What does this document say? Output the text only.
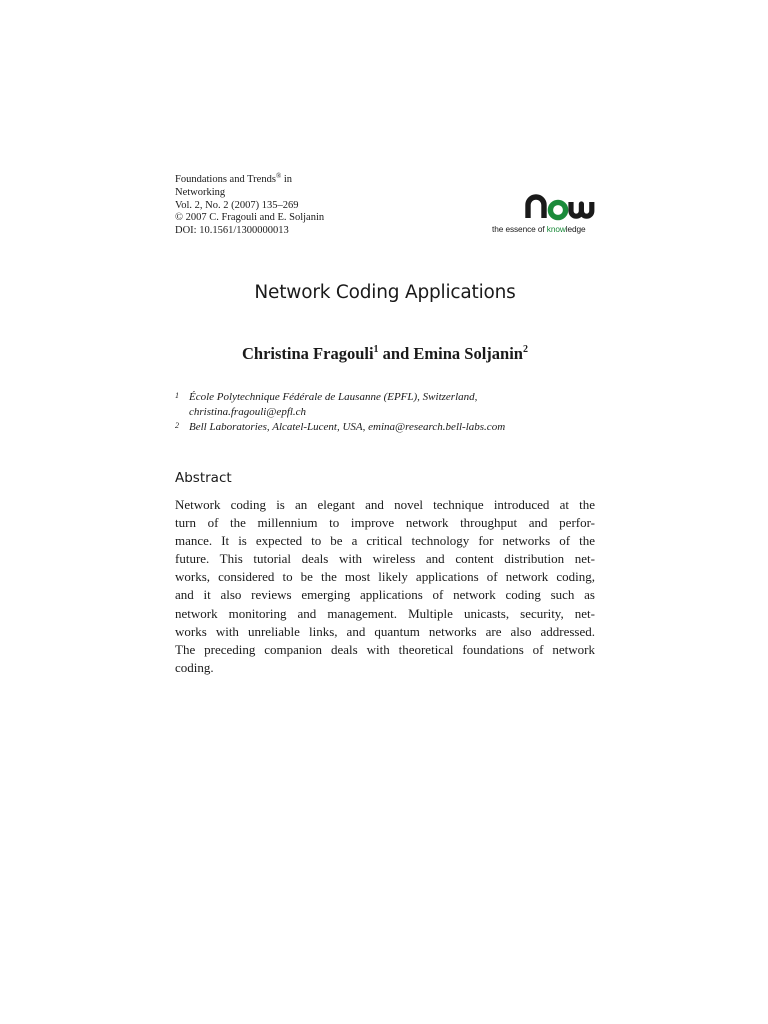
Foundations and Trends® in
Networking
Vol. 2, No. 2 (2007) 135–269
© 2007 C. Fragouli and E. Soljanin
DOI: 10.1561/1300000013	the essence of knowledge
Network Coding Applications
Christina Fragouli$^1$ and Emina Soljanin$^2$
1 École Polytechnique Fédérale de Lausanne (EPFL), Switzerland,
christina.fragouli@epfl.ch
2 Bell Laboratories, Alcatel-Lucent, USA, emina@research.bell-labs.com
Abstract
Network coding is an elegant and novel technique introduced at the
turn of the millennium to improve network throughput and perfor-
mance. It is expected to be a critical technology for networks of the
future. This tutorial deals with wireless and content distribution net-
works, considered to be the most likely applications of network coding,
and it also reviews emerging applications of network coding such as
network monitoring and management. Multiple unicasts, security, net-
works with unreliable links, and quantum networks are also addressed.
The preceding companion deals with theoretical foundations of network
coding.
